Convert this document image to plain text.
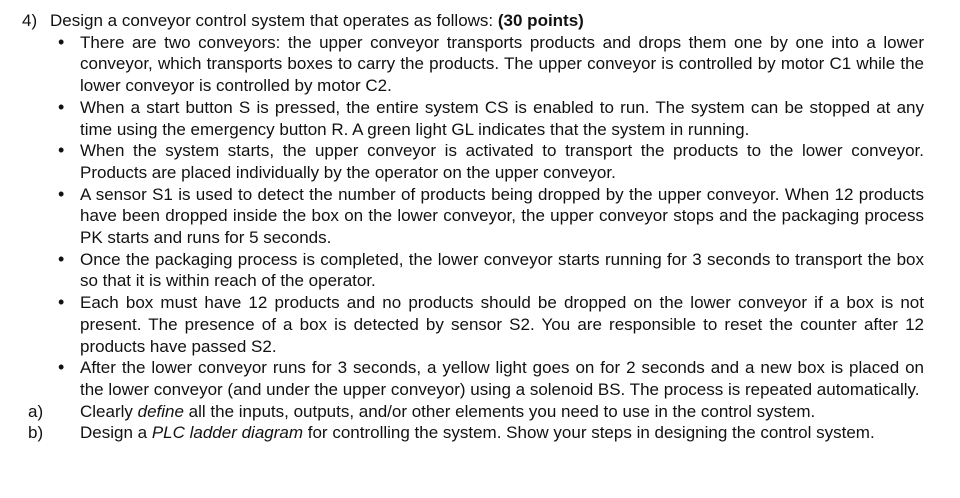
4) Design a conveyor control system that operates as follows: (30 points)
• There are two conveyors: the upper conveyor transports products and drops them one by one into a lower conveyor, which transports boxes to carry the products. The upper conveyor is controlled by motor C1 while the lower conveyor is controlled by motor C2.
• When a start button S is pressed, the entire system CS is enabled to run. The system can be stopped at any time using the emergency button R. A green light GL indicates that the system in running.
• When the system starts, the upper conveyor is activated to transport the products to the lower conveyor. Products are placed individually by the operator on the upper conveyor.
• A sensor S1 is used to detect the number of products being dropped by the upper conveyor. When 12 products have been dropped inside the box on the lower conveyor, the upper conveyor stops and the packaging process PK starts and runs for 5 seconds.
• Once the packaging process is completed, the lower conveyor starts running for 3 seconds to transport the box so that it is within reach of the operator.
• Each box must have 12 products and no products should be dropped on the lower conveyor if a box is not present. The presence of a box is detected by sensor S2. You are responsible to reset the counter after 12 products have passed S2.
• After the lower conveyor runs for 3 seconds, a yellow light goes on for 2 seconds and a new box is placed on the lower conveyor (and under the upper conveyor) using a solenoid BS. The process is repeated automatically.
a)	Clearly define all the inputs, outputs, and/or other elements you need to use in the control system.
b)	Design a PLC ladder diagram for controlling the system. Show your steps in designing the control system.
